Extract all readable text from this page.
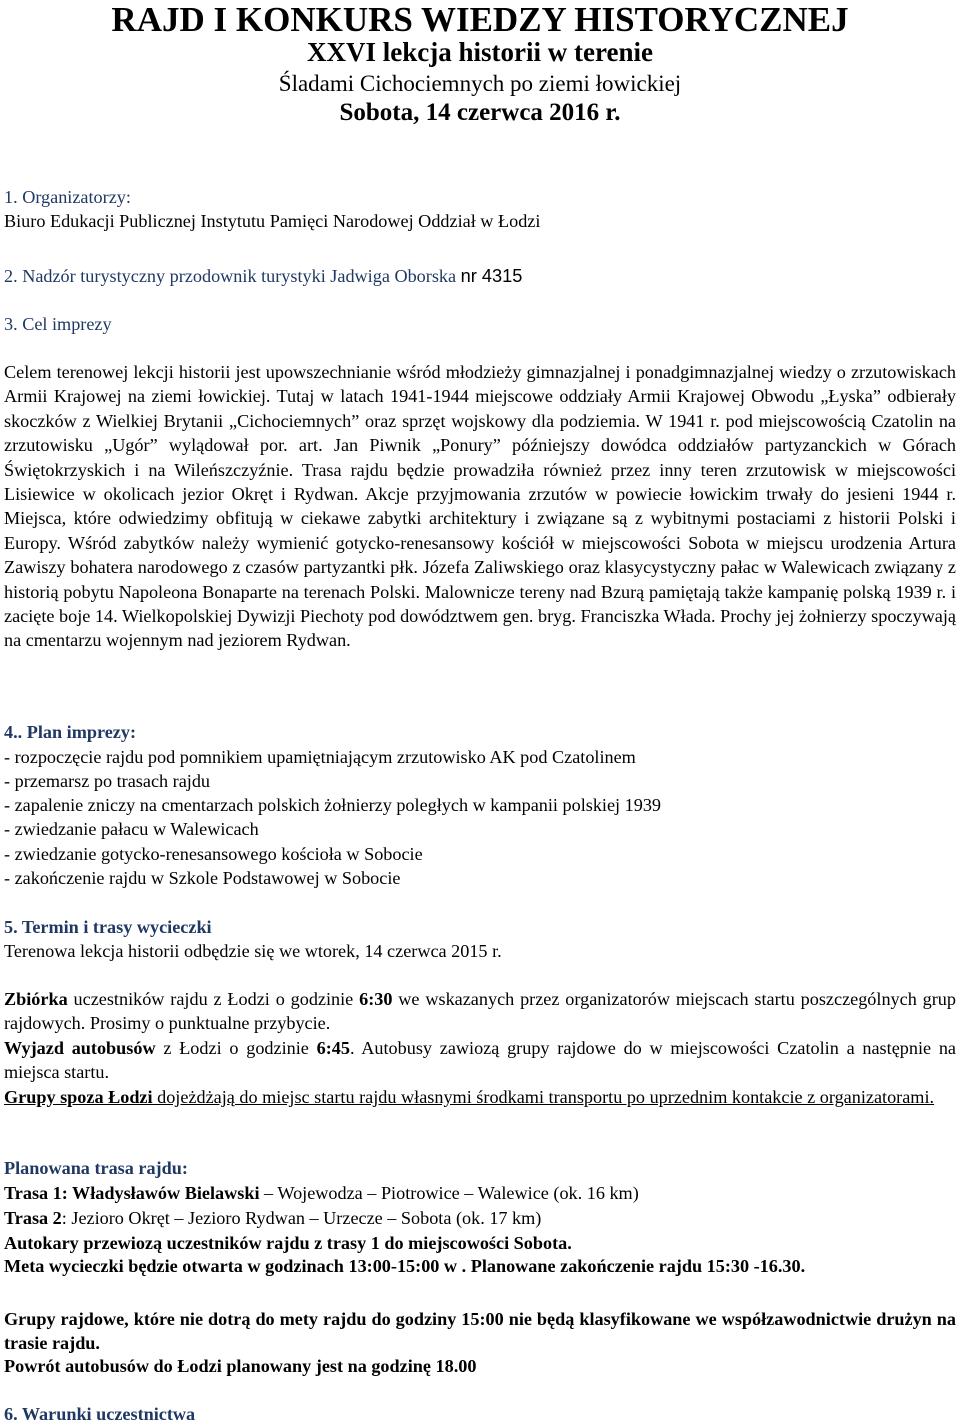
RAJD I KONKURS WIEDZY HISTORYCZNEJ
XXVI lekcja historii w terenie
Śladami Cichociemnych po ziemi łowickiej
Sobota, 14 czerwca 2016 r.
1. Organizatorzy:
Biuro Edukacji Publicznej Instytutu Pamięci Narodowej Oddział w Łodzi
2. Nadzór turystyczny przodownik turystyki Jadwiga Oborska nr 4315
3. Cel imprezy

Celem terenowej lekcji historii jest upowszechnianie wśród młodzieży gimnazjalnej i ponadgimnazjalnej wiedzy o zrzutowiskach Armii Krajowej na ziemi łowickiej. Tutaj w latach 1941-1944 miejscowe oddziały Armii Krajowej Obwodu „Łyska” odbierały skoczków z Wielkiej Brytanii „Cichociemnych” oraz sprzęt wojskowy dla podziemia. W 1941 r. pod miejscowością Czatolin na zrzutowisku „Ugór” wylądował por. art. Jan Piwnik „Ponury” późniejszy dowódca oddziałów partyzanckich w Górach Świętokrzyskich i na Wileńszczyźnie. Trasa rajdu będzie prowadziła również przez inny teren zrzutowisk w miejscowości Lisiewice w okolicach jezior Okręt i Rydwan. Akcje przyjmowania zrzutów w powiecie łowickim trwały do jesieni 1944 r. Miejsca, które odwiedzimy obfitują w ciekawe zabytki architektury i związane są z wybitnymi postaciami z historii Polski i Europy. Wśród zabytków należy wymienić gotycko-renesansowy kościół w miejscowości Sobota w miejscu urodzenia Artura Zawiszy bohatera narodowego z czasów partyzantki płk. Józefa Zaliwskiego oraz klasycystyczny pałac w Walewicach związany z historią pobytu Napoleona Bonaparte na terenach Polski. Malownicze tereny nad Bzurą pamiętają także kampanię polską 1939 r. i zacięte boje 14. Wielkopolskiej Dywizji Piechoty pod dowództwem gen. bryg. Franciszka Włada. Prochy jej żołnierzy spoczywają na cmentarzu wojennym nad jeziorem Rydwan.

4.. Plan imprezy:
- rozpoczęcie rajdu pod pomnikiem upamiętniającym zrzutowisko AK pod Czatolinem
- przemarsz po trasach rajdu
- zapalenie zniczy na cmentarzach polskich żołnierzy poległych w kampanii polskiej 1939
- zwiedzanie pałacu w Walewicach
- zwiedzanie gotycko-renesansowego kościoła w Sobocie
- zakończenie rajdu w Szkole Podstawowej w Sobocie
5. Termin i trasy wycieczki
Terenowa lekcja historii odbędzie się we wtorek, 14 czerwca 2015 r.

Zbiórka uczestników rajdu z Łodzi o godzinie 6:30 we wskazanych przez organizatorów miejscach startu poszczególnych grup rajdowych. Prosimy o punktualne przybycie.

Wyjazd autobusów z Łodzi o godzinie 6:45. Autobusy zawiozą grupy rajdowe do w miejscowości Czatolin a następnie na miejsca startu.

Grupy spoza Łodzi dojeżdżają do miejsc startu rajdu własnymi środkami transportu po uprzednim kontakcie z organizatorami.

Planowana trasa rajdu:
Trasa 1: Władysławów Bielawski – Wojewodza – Piotrowice – Walewice (ok. 16 km)
Trasa 2: Jezioro Okręt – Jezioro Rydwan – Urzecze – Sobota (ok. 17 km)
Autokary przewiozą uczestników rajdu z trasy 1 do miejscowości Sobota.
Meta wycieczki będzie otwarta w godzinach 13:00-15:00 w . Planowane zakończenie rajdu 15:30 -16.30.

Grupy rajdowe, które nie dotrą do mety rajdu do godziny 15:00 nie będą klasyfikowane we współzawodnictwie drużyn na trasie rajdu.

Powrót autobusów do Łodzi planowany jest na godzinę 18.00
6. Warunki uczestnictwa
